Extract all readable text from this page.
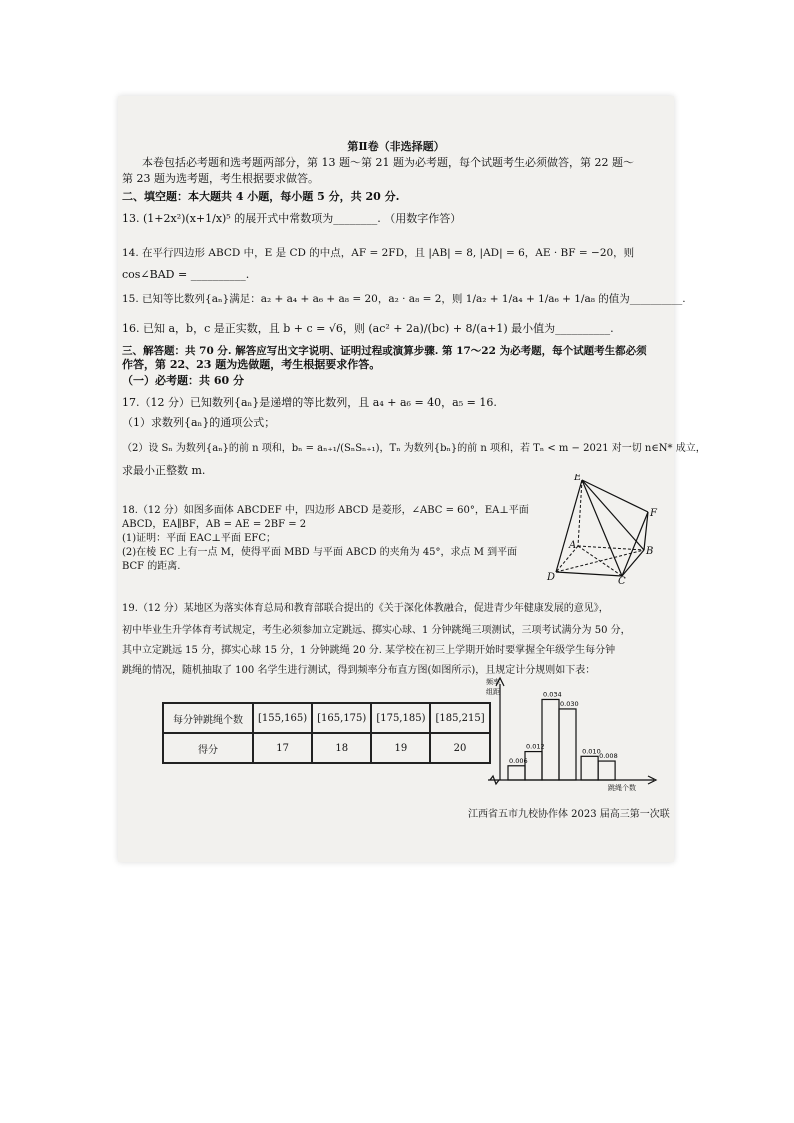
第Ⅱ卷（非选择题）
本卷包括必考题和选考题两部分，第 13 题～第 21 题为必考题，每个试题考生必须做答，第 22 题～
第 23 题为选考题，考生根据要求做答。
二、填空题：本大题共 4 小题，每小题 5 分，共 20 分.
13. (1+2x²)(x+1/x)⁵ 的展开式中常数项为________. （用数字作答）
14. 在平行四边形 ABCD 中，E 是 CD 的中点，AF = 2FD，且 |AB| = 8, |AD| = 6，AE · BF = −20，则
cos∠BAD = __________.
15. 已知等比数列{aₙ}满足：a₂ + a₄ + a₆ + a₈ = 20，a₂ · a₈ = 2，则 1/a₂ + 1/a₄ + 1/a₆ + 1/a₈ 的值为__________.
16. 已知 a，b，c 是正实数，且 b + c = √6，则 (ac² + 2a)/(bc) + 8/(a+1) 最小值为__________.
三、解答题：共 70 分. 解答应写出文字说明、证明过程或演算步骤. 第 17～22 为必考题，每个试题考生都必须
作答，第 22、23 题为选做题，考生根据要求作答。
（一）必考题：共 60 分
17.（12 分）已知数列{aₙ}是递增的等比数列，且 a₄ + a₆ = 40，a₅ = 16.
（1）求数列{aₙ}的通项公式；
（2）设 Sₙ 为数列{aₙ}的前 n 项和，bₙ = aₙ₊₁/(SₙSₙ₊₁)，Tₙ 为数列{bₙ}的前 n 项和，若 Tₙ < m − 2021 对一切 n∈N* 成立，
求最小正整数 m.
18.（12 分）如图多面体 ABCDEF 中，四边形 ABCD 是菱形，∠ABC = 60°，EA⊥平面
ABCD，EA∥BF，AB = AE = 2BF = 2
(1)证明：平面 EAC⊥平面 EFC；
(2)在棱 EC 上有一点 M，使得平面 MBD 与平面 ABCD 的夹角为 45°，求点 M 到平面
BCF 的距离.
E
F
A
B
C
D
19.（12 分）某地区为落实体育总局和教育部联合提出的《关于深化体教融合，促进青少年健康发展的意见》，
初中毕业生升学体育考试规定，考生必须参加立定跳远、掷实心球、1 分钟跳绳三项测试，三项考试满分为 50 分，
其中立定跳远 15 分，掷实心球 15 分，1 分钟跳绳 20 分. 某学校在初三上学期开始时要掌握全年级学生每分钟
跳绳的情况，随机抽取了 100 名学生进行测试，得到频率分布直方图(如图所示)，且规定计分规则如下表：
每分钟跳绳个数	[155,165)	[165,175)	[175,185)	[185,215]
得分	17	18	19	20
0.006
0.012
0.034
0.030
0.010
0.008
频率
组距
跳绳个数
江西省五市九校协作体 2023 届高三第一次联
